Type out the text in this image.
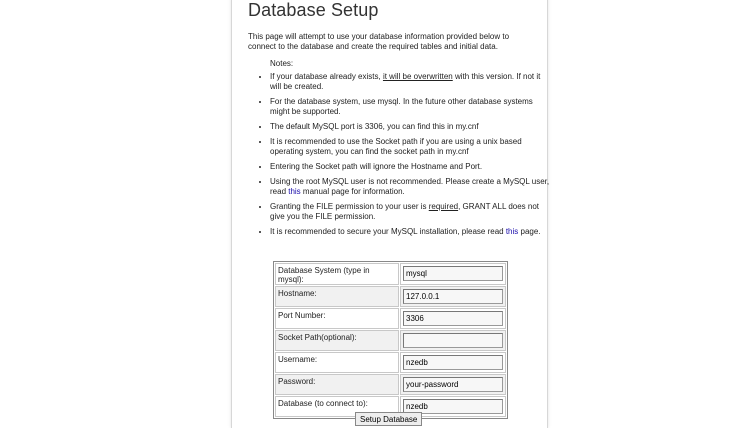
Database Setup

This page will attempt to use your database information provided below to connect to the database and create the required tables and initial data.

Notes:

• If your database already exists, it will be overwritten with this version. If not it will be created.
• For the database system, use mysql. In the future other database systems might be supported.
• The default MySQL port is 3306, you can find this in my.cnf
• It is recommended to use the Socket path if you are using a unix based operating system, you can find the socket path in my.cnf
• Entering the Socket path will ignore the Hostname and Port.
• Using the root MySQL user is not recommended. Please create a MySQL user, read this manual page for information.
• Granting the FILE permission to your user is required, GRANT ALL does not give you the FILE permission.
• It is recommended to secure your MySQL installation, please read this page.
Database System (type in mysql):	
mysql
Hostname:	
127.0.0.1
Port Number:	
3306
Socket Path(optional):	

Username:	
nzedb
Password:	
your-password
Database (to connect to):	
nzedb
Setup Database
